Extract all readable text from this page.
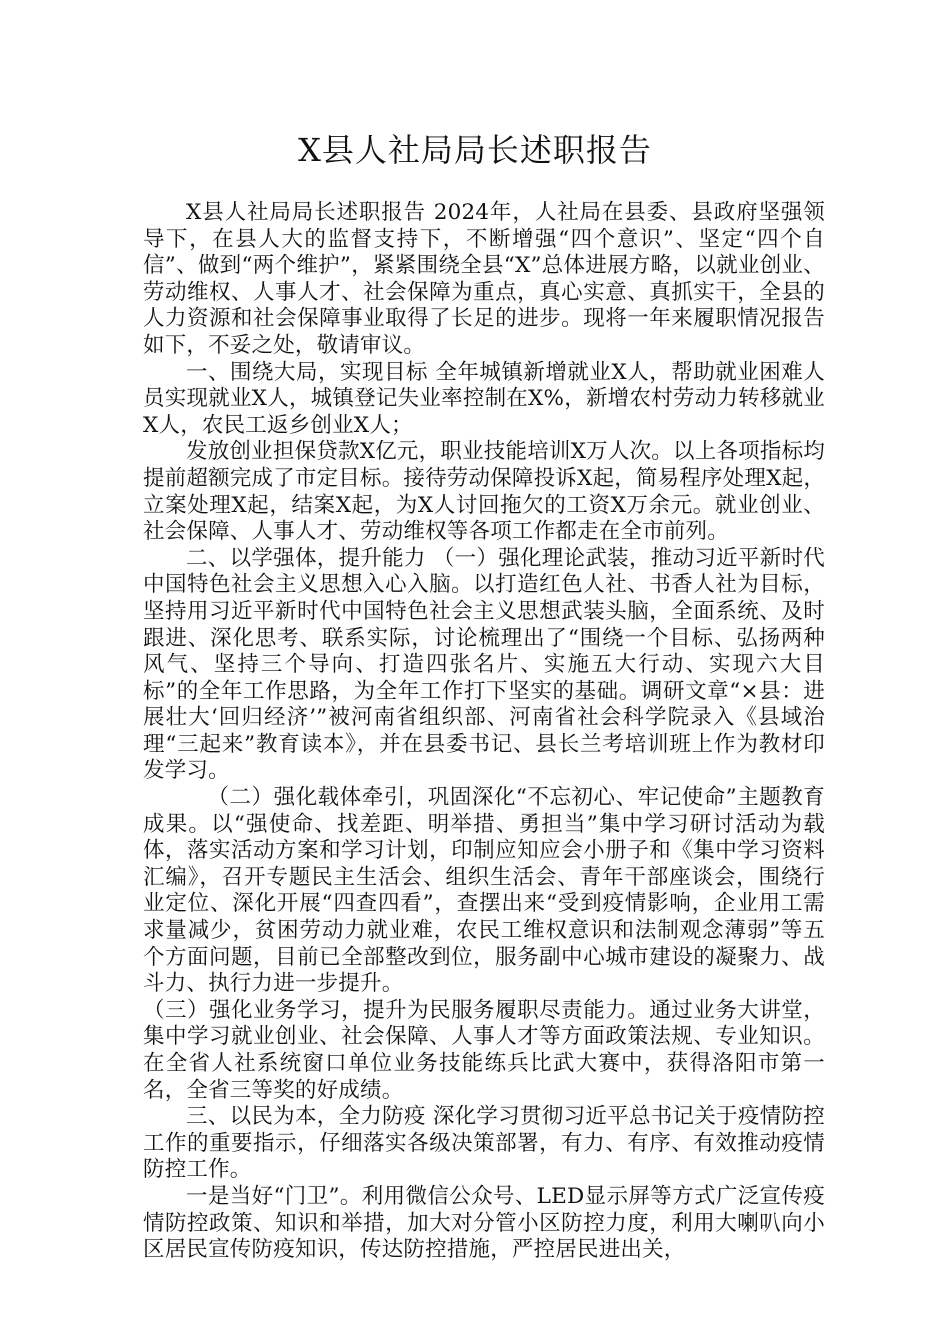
X县人社局局长述职报告

X县人社局局长述职报告 2024年，人社局在县委、县政府坚强领导下，在县人大的监督支持下，不断增强“四个意识”、坚定“四个自信”、做到“两个维护”，紧紧围绕全县“X”总体进展方略，以就业创业、劳动维权、人事人才、社会保障为重点，真心实意、真抓实干，全县的人力资源和社会保障事业取得了长足的进步。现将一年来履职情况报告如下，不妥之处，敬请审议。

一、围绕大局，实现目标 全年城镇新增就业X人，帮助就业困难人员实现就业X人，城镇登记失业率控制在X%，新增农村劳动力转移就业X人，农民工返乡创业X人；

发放创业担保贷款X亿元，职业技能培训X万人次。以上各项指标均提前超额完成了市定目标。接待劳动保障投诉X起，简易程序处理X起，立案处理X起，结案X起，为X人讨回拖欠的工资X万余元。就业创业、社会保障、人事人才、劳动维权等各项工作都走在全市前列。

二、以学强体，提升能力 （一）强化理论武装，推动习近平新时代中国特色社会主义思想入心入脑。以打造红色人社、书香人社为目标，坚持用习近平新时代中国特色社会主义思想武装头脑，全面系统、及时跟进、深化思考、联系实际，讨论梳理出了“围绕一个目标、弘扬两种风气、坚持三个导向、打造四张名片、实施五大行动、实现六大目标”的全年工作思路，为全年工作打下坚实的基础。调研文章“×县：进展壮大‘回归经济’”被河南省组织部、河南省社会科学院录入《县域治理“三起来”教育读本》，并在县委书记、县长兰考培训班上作为教材印发学习。

（二）强化载体牵引，巩固深化“不忘初心、牢记使命”主题教育成果。以“强使命、找差距、明举措、勇担当”集中学习研讨活动为载体，落实活动方案和学习计划，印制应知应会小册子和《集中学习资料汇编》，召开专题民主生活会、组织生活会、青年干部座谈会，围绕行业定位、深化开展“四查四看”，查摆出来“受到疫情影响，企业用工需求量减少，贫困劳动力就业难，农民工维权意识和法制观念薄弱”等五个方面问题，目前已全部整改到位，服务副中心城市建设的凝聚力、战斗力、执行力进一步提升。

（三）强化业务学习，提升为民服务履职尽责能力。通过业务大讲堂，集中学习就业创业、社会保障、人事人才等方面政策法规、专业知识。在全省人社系统窗口单位业务技能练兵比武大赛中，获得洛阳市第一名，全省三等奖的好成绩。

三、以民为本，全力防疫 深化学习贯彻习近平总书记关于疫情防控工作的重要指示，仔细落实各级决策部署，有力、有序、有效推动疫情防控工作。

一是当好“门卫”。利用微信公众号、LED显示屏等方式广泛宣传疫情防控政策、知识和举措，加大对分管小区防控力度，利用大喇叭向小区居民宣传防疫知识，传达防控措施，严控居民进出关，
